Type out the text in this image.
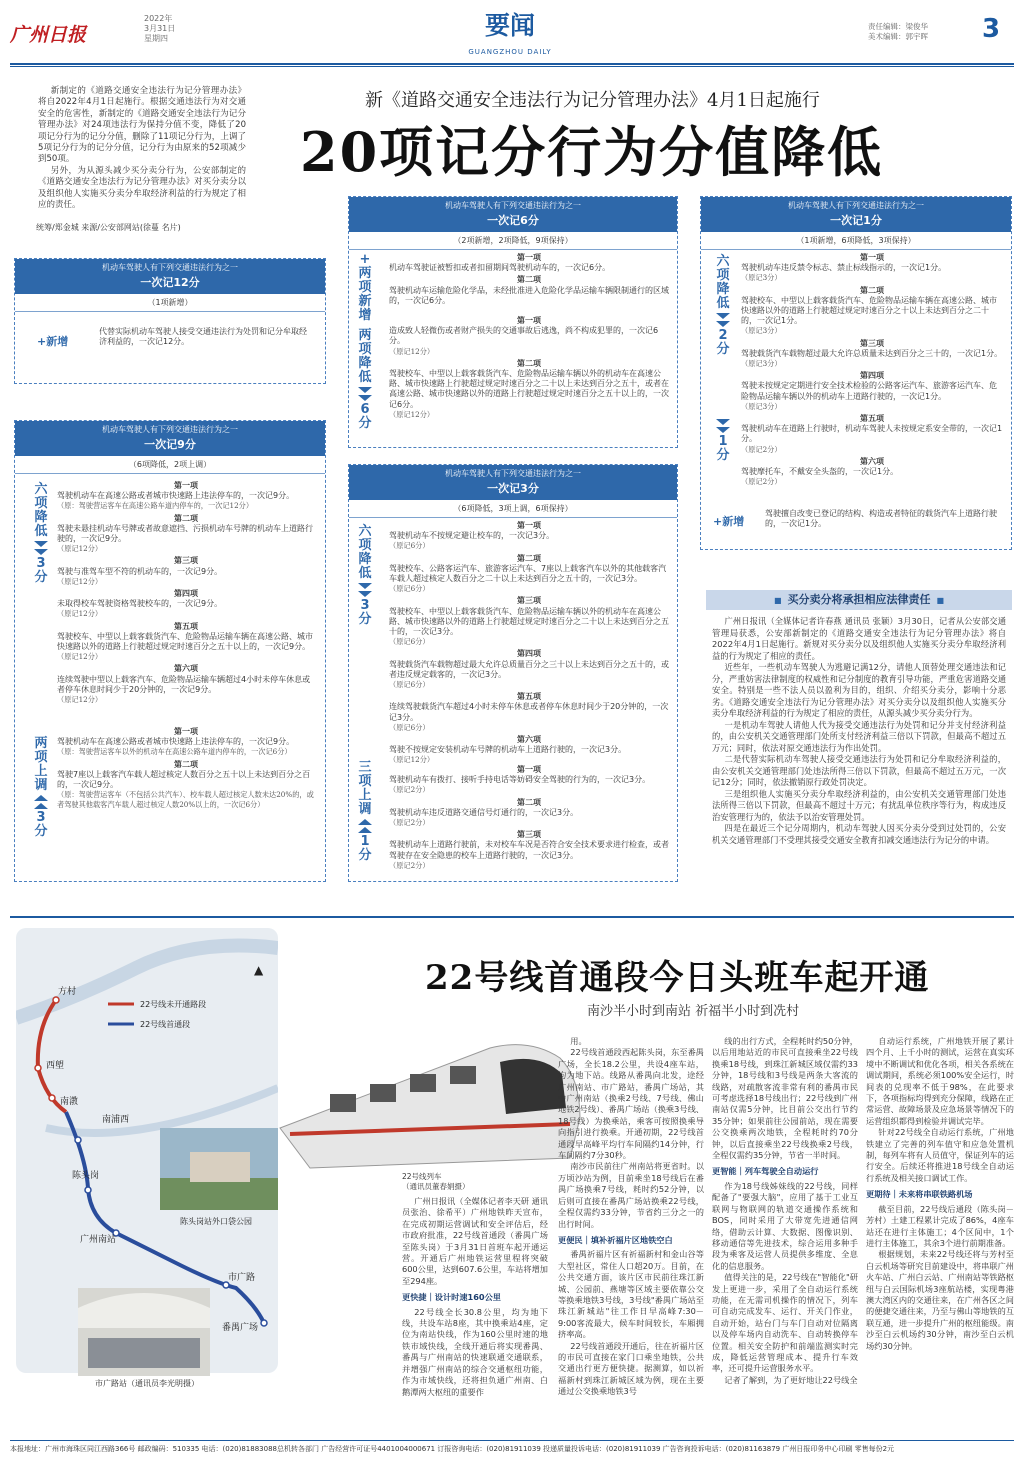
广州日报
2022年
3月31日
星期四	要闻
GUANGZHOU DAILY
责任编辑：梁俊华
美术编辑：郭宇晖 3

新制定的《道路交通安全违法行为记分管理办法》将自2022年4月1日起施行。根据交通违法行为对交通安全的危害性，新制定的《道路交通安全违法行为记分管理办法》对24项违法行为保持分值不变，降低了20项记分行为的记分分值，删除了11项记分行为，上调了5项记分行为的记分分值，记分行为由原来的52项减少到50项。

另外，为从源头减少买分卖分行为，公安部制定的《道路交通安全违法行为记分管理办法》对买分卖分以及组织他人实施买分卖分牟取经济利益的行为规定了相应的责任。

统筹/郑金城 来源/公安部网站(徐蔓 名片)
新《道路交通安全违法行为记分管理办法》4月1日起施行
20项记分行为分值降低
机动车驾驶人有下列交通违法行为之一
一次记12分
（1项新增）
+新增
代替实际机动车驾驶人接受交通违法行为处罚和记分牟取经济利益的，一次记12分。
机动车驾驶人有下列交通违法行为之一
一次记9分
（6项降低，2项上调）
六项降低
3分
第一项
驾驶机动车在高速公路或者城市快速路上违法停车的，一次记9分。
（原：驾驶营运客车在高速公路车道内停车的，一次记12分）
第二项
驾驶未悬挂机动车号牌或者故意遮挡、污损机动车号牌的机动车上道路行驶的，一次记9分。
（原记12分）
第三项
驾驶与准驾车型不符的机动车的，一次记9分。
（原记12分）
第四项
未取得校车驾驶资格驾驶校车的，一次记9分。
（原记12分）
第五项
驾驶校车、中型以上载客载货汽车、危险物品运输车辆在高速公路、城市快速路以外的道路上行驶超过规定时速百分之五十以上的，一次记9分。
（原记12分）
第六项
连续驾驶中型以上载客汽车、危险物品运输车辆超过4小时未停车休息或者停车休息时间少于20分钟的，一次记9分。
（原记12分）
两项上调
3分
第一项
驾驶机动车在高速公路或者城市快速路上违法停车的，一次记9分。
（原：驾驶营运客车以外的机动车在高速公路车道内停车的，一次记6分）
第二项
驾驶7座以上载客汽车载人超过核定人数百分之五十以上未达到百分之百的，一次记9分。
（原：驾驶营运客车（不包括公共汽车）、校车载人超过核定人数未达20%的，或者驾驶其他载客汽车载人超过核定人数20%以上的，一次记6分）
机动车驾驶人有下列交通违法行为之一
一次记6分
（2项新增，2项降低，9项保持）
+
两项新增
两项降低
6分
第一项
机动车驾驶证被暂扣或者扣留期间驾驶机动车的，一次记6分。
第二项
驾驶机动车运输危险化学品，未经批准进入危险化学品运输车辆限制通行的区域的，一次记6分。
第一项
造成致人轻微伤或者财产损失的交通事故后逃逸，尚不构成犯罪的，一次记6分。
（原记12分）
第二项
驾驶校车、中型以上载客载货汽车、危险物品运输车辆以外的机动车在高速公路、城市快速路上行驶超过规定时速百分之二十以上未达到百分之五十，或者在高速公路、城市快速路以外的道路上行驶超过规定时速百分之五十以上的，一次记6分。
（原记12分）
机动车驾驶人有下列交通违法行为之一
一次记3分
（6项降低，3项上调，6项保持）
六项降低
3分
第一项
驾驶机动车不按规定避让校车的，一次记3分。
（原记6分）
第二项
驾驶校车、公路客运汽车、旅游客运汽车、7座以上载客汽车以外的其他载客汽车载人超过核定人数百分之二十以上未达到百分之五十的，一次记3分。
（原记6分）
第三项
驾驶校车、中型以上载客载货汽车、危险物品运输车辆以外的机动车在高速公路、城市快速路以外的道路上行驶超过规定时速百分之二十以上未达到百分之五十的，一次记3分。
（原记6分）
第四项
驾驶载货汽车载物超过最大允许总质量百分之三十以上未达到百分之五十的，或者违反规定载客的，一次记3分。
（原记6分）
第五项
连续驾驶载货汽车超过4小时未停车休息或者停车休息时间少于20分钟的，一次记3分。
（原记6分）
第六项
驾驶不按规定安装机动车号牌的机动车上道路行驶的，一次记3分。
（原记12分）
三项上调
1分
第一项
驾驶机动车有拨打、接听手持电话等妨碍安全驾驶的行为的，一次记3分。
（原记2分）
第二项
驾驶机动车违反道路交通信号灯通行的，一次记3分。
（原记2分）
第三项
驾驶机动车上道路行驶前，未对校车车况是否符合安全技术要求进行检查，或者驾驶存在安全隐患的校车上道路行驶的，一次记3分。
（原记2分）
机动车驾驶人有下列交通违法行为之一
一次记1分
（1项新增，6项降低，3项保持）
六项降低
2分
1分
第一项
驾驶机动车违反禁令标志、禁止标线指示的，一次记1分。
（原记3分）
第二项
驾驶校车、中型以上载客载货汽车、危险物品运输车辆在高速公路、城市快速路以外的道路上行驶超过规定时速百分之十以上未达到百分之二十的，一次记1分。
（原记3分）
第三项
驾驶载货汽车载物超过最大允许总质量未达到百分之三十的，一次记1分。
（原记3分）
第四项
驾驶未按规定定期进行安全技术检验的公路客运汽车、旅游客运汽车、危险物品运输车辆以外的机动车上道路行驶的，一次记1分。
（原记3分）
第五项
驾驶机动车在道路上行驶时，机动车驾驶人未按规定系安全带的，一次记1分。
（原记2分）
第六项
驾驶摩托车，不戴安全头盔的，一次记1分。
（原记2分）
+新增
驾驶擅自改变已登记的结构、构造或者特征的载货汽车上道路行驶的，一次记1分。
■ 买分卖分将承担相应法律责任 ■

广州日报讯（全媒体记者许春燕 通讯员 张颖）3月30日，记者从公安部交通管理局获悉，公安部新制定的《道路交通安全违法行为记分管理办法》将自2022年4月1日起施行。新规对买分卖分以及组织他人实施买分卖分牟取经济利益的行为规定了相应的责任。

近些年，一些机动车驾驶人为逃避记满12分，请他人顶替处理交通违法和记分，严重妨害法律制度的权威性和记分制度的教育引导功能，严重危害道路交通安全。特别是一些不法人员以盈利为目的，组织、介绍买分卖分，影响十分恶劣。《道路交通安全违法行为记分管理办法》对买分卖分以及组织他人实施买分卖分牟取经济利益的行为规定了相应的责任，从源头减少买分卖分行为。

一是机动车驾驶人请他人代为接受交通违法行为处罚和记分并支付经济利益的，由公安机关交通管理部门处所支付经济利益三倍以下罚款，但最高不超过五万元；同时，依法对原交通违法行为作出处罚。

二是代替实际机动车驾驶人接受交通违法行为处罚和记分牟取经济利益的，由公安机关交通管理部门处违法所得三倍以下罚款，但最高不超过五万元，一次记12分；同时，依法撤销原行政处罚决定。

三是组织他人实施买分卖分牟取经济利益的，由公安机关交通管理部门处违法所得三倍以下罚款，但最高不超过十万元；有扰乱单位秩序等行为，构成违反治安管理行为的，依法予以治安管理处罚。

四是在最近三个记分周期内，机动车驾驶人因买分卖分受到过处罚的，公安机关交通管理部门不受理其接受交通安全教育扣减交通违法行为记分的申请。

22号线未开通路段
22号线首通段
方村
西塱
南漖
南浦西
陈头岗
广州南站
市广路
番禺广场
▲
22号线列车
（通讯员董春娟摄）
陈头岗站外口袋公园
市广路站（通讯员李光明摄）
22号线首通段今日头班车起开通
南沙半小时到南站 祈福半小时到冼村

广州日报讯（全媒体记者李天研 通讯员张治、徐希平）广州地铁昨天宣布，在完成初期运营调试和安全评估后，经市政府批准，22号线首通段（番禺广场至陈头岗）于3月31日首班车起开通运营。开通后广州地铁运营里程将突破600公里，达到607.6公里，车站将增加至294座。

更快捷｜设计时速160公里

22号线全长30.8公里，均为地下线，共设车站8座，其中换乘站4座，定位为南站快线，作为160公里时速的地铁市域快线，全线开通后将实现番禺、番禺与广州南站的快速联通交通联系，并增强广州南站的综合交通枢纽功能，作为市域快线，还将担负通广州南、白鹅潭两大枢纽的重要作

用。

22号线首通段西起陈头岗，东至番禺广场，全长18.2公里，共设4座车站，均为地下站。线路从番禺向北发，途经广州南站、市广路站，番禺广场站，其中广州南站（换乘2号线、7号线、佛山地铁2号线）、番禺广场站（换乘3号线、18号线）为换乘站，乘客可按照换乘导向指引进行换乘。开通初期，22号线首通段早高峰平均行车间隔约14分钟，行车间隔约7分30秒。

南沙市民前往广州南站将更省时。以万顷沙站为例，目前乘坐18号线后在番禺广场换乘7号线，耗时约52分钟，以后则可直接在番禺广场站换乘22号线，全程仅需约33分钟，节省约三分之一的出行时间。

更便民｜填补祈福片区地铁空白

番禺祈福片区有祈福新村和金山谷等大型社区，常住人口超20万。目前，在公共交通方面，该片区市民前往珠江新城、公园前、燕塘等区域主要依靠公交等换乘地铁3号线，3号线"番禺广场站至珠江新城站"往工作日早高峰7:30－9:00客流最大，候车时间较长，车厢拥挤率高。

22号线首通段开通后，往在祈福片区的市民可直接在家门口乘坐地铁，公共交通出行更方便快捷。据测算，如以祈福新村到珠江新城区域为例，现在主要通过公交换乘地铁3号

线的出行方式，全程耗时约50分钟，以后用地站近的市民可直接乘坐22号线换乘18号线，到珠江新城区域仅需约33分钟，18号线和3号线是两条大客流的线路，对疏散客流非常有利的番禺市民可考虑选择18号线出行；22号线到广州南站仅需5分钟，比目前公交出行节约35分钟；如果前往公园前站，现在需要公交换乘两次地铁，全程耗时约70分钟，以后直接乘坐22号线换乘2号线，全程仅需约35分钟，节省一半时间。

更智能｜列车驾驶全自动运行

作为18号线姊妹线的22号线，同样配备了"要强大脑"，应用了基于工业互联网与物联网的轨道交通操作系统和BOS，同时采用了大带宽先进通信网络，借助云计算、大数据、图像识别、移动通信等先进技术，综合运用多种手段为乘客及运营人员提供多维度、全息化的信息服务。

值得关注的是，22号线在"智能化"研发上更进一步，采用了全自动运行系统功能，在无需司机操作的情况下，列车可自动完成发车、运行、开关门作业，自动开始，站台门与车门自动对位隔离以及停车场内自动洗车、自动转换停车位置。相关安全防护和前端监测实时完成，降低运营管理成本、提升行车效率，还可提升运营服务水平。

记者了解到，为了更好地让22号线全

自动运行系统，广州地铁开展了累计四个月、上千小时的测试，运营在真实环境中不断调试和优化各项，相关各系统在调试期间，系统必须100%安全运行，时间表的兑现率不低于98%，在此要求下，各项指标均得到充分保障，线路在正常运营、故障场景及应急场景等情况下的运营组织都得到检验并调试完毕。

针对22号线全自动运行系统，广州地铁建立了完善的列车值守和应急处置机制，每列车将有人员值守，保证列车的运行安全。后续还将推进18号线全自动运行系统及相关接口调试工作。

更期待｜未来将串联铁路机场

截至目前，22号线后通段（陈头岗－芳村）土建工程累计完成了86%，4座车站还在进行主体施工；4个区间中，1个进行主体施工，其余3个进行前期准备。

根据规划，未来22号线还将与芳村至白云机场等研究目前建设中，将串联广州火车站、广州白云站、广州南站等铁路枢纽与白云国际机场3座航站楼，实现粤港澳大湾区内的交通往来，在广州各区之间的便捷交通往来，乃至与佛山等地铁的互联互通，进一步提升广州的枢纽能级。南沙至白云机场约30分钟，南沙至白云机场约30分钟。

本报地址：广州市海珠区同江西路366号 邮政编码：510335 电话：(020)81883088总机转各部门 广告经营许可证号4401004000671 订报咨询电话：(020)81911039 投递质量投诉电话：(020)81911039 广告咨询投诉电话：(020)81163879 广州日报印务中心印刷 零售每份2元
